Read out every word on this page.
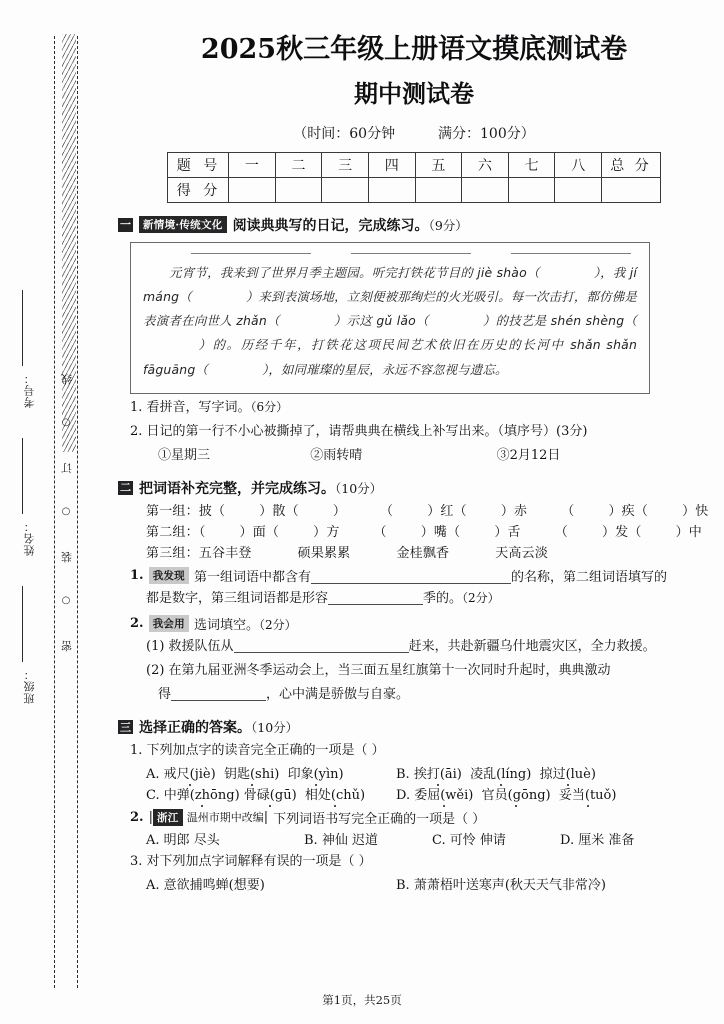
考号：
姓名：
班级：
线
○
订
○
装
○
密
2025秋三年级上册语文摸底测试卷
期中测试卷
（时间：60分钟	满分：100分）
题 号	一	二	三	四	五	六	七	八	总 分
得 分									
一	新情境·传统文化 阅读典典写的日记，完成练习。（9分）
元宵节，我来到了世界月季主题园。听完打铁花节目的 jiè shào（	），我 jí máng（	）来到表演场地，立刻便被那绚烂的火光吸引。每一次击打，都仿佛是表演者在向世人 zhǎn（	）示这 gǔ lǎo（	）的技艺是 shén shèng（）的。历经千年，打铁花这项民间艺术依旧在历史的长河中 shǎn shǎn fāguāng（	），如同璀璨的星辰，永远不容忽视与遗忘。
1. 看拼音，写字词。（6分）
2. 日记的第一行不小心被撕掉了，请帮典典在横线上补写出来。（填序号）(3分)
①星期三	②雨转晴	③2月12日
二 把词语补充完整，并完成练习。（10分）
第一组：披（	）散（	）	（	）红（	）赤	（	）疾（	）快
第二组：（	）面（	）方	（	）嘴（	）舌	（	）发（	）中
第三组：五谷丰登	硕果累累	金桂飘香	天高云淡
1. 我发现 第一组词语中都含有	的名称，第二组词语填写的
都是数字，第三组词语都是形容	季的。（2分）
2. 我会用 选词填空。（2分）
(1) 救援队伍从	赶来，共赴新疆乌什地震灾区，全力救援。
(2) 在第九届亚洲冬季运动会上，当三面五星红旗第十一次同时升起时，典典激动
得	，心中满是骄傲与自豪。
三 选择正确的答案。（10分）
1. 下列加点字的读音完全正确的一项是（ ）
A. 戒尺(jiè) 钥匙(shi) 印象(yìn)	B. 挨打(āi) 凌乱(líng) 掠过(luè)
C. 中弹(zhōng) 骨碌(gū) 相处(chǔ)	D. 委屈(wěi) 官员(gōng) 妥当(tuǒ)
2. | 浙江 温州市期中改编| 下列词语书写完全正确的一项是（ ）
A. 明郎 尽头	B. 神仙 迟道	C. 可怜 伸请	D. 厘米 准备
3. 对下列加点字词解释有误的一项是（ ）
A. 意欲捕鸣蝉(想要)	B. 萧萧梧叶送寒声(秋天天气非常冷)
第1页，共25页
